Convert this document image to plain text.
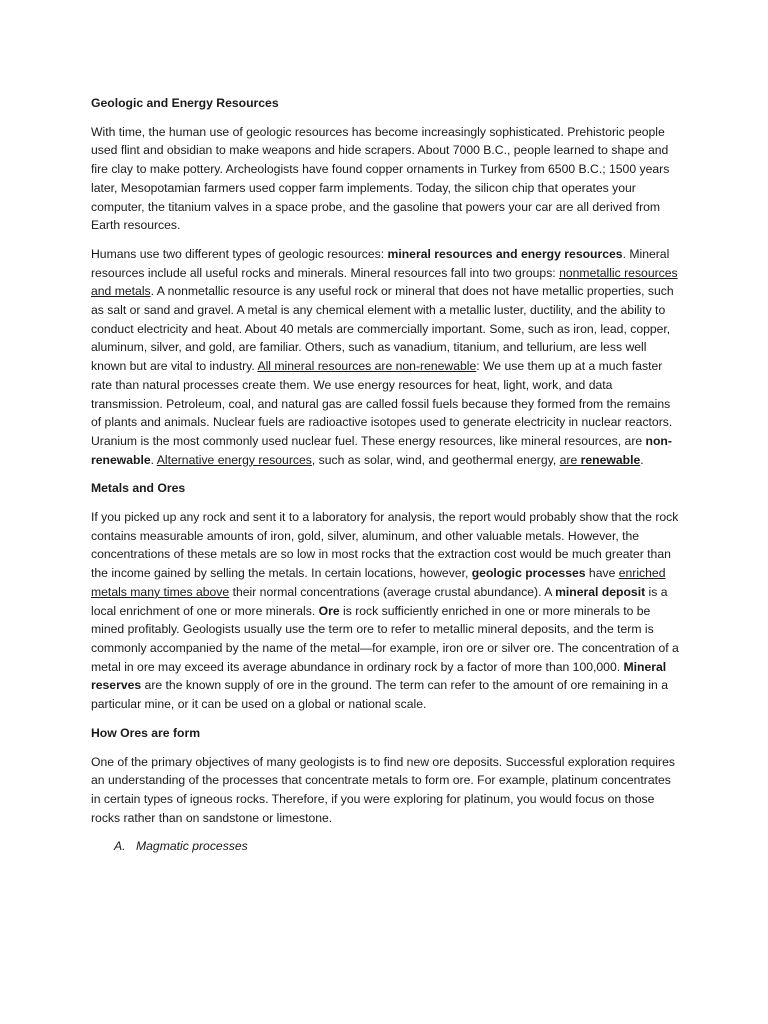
Geologic and Energy Resources

With time, the human use of geologic resources has become increasingly sophisticated. Prehistoric people used flint and obsidian to make weapons and hide scrapers. About 7000 B.C., people learned to shape and fire clay to make pottery. Archeologists have found copper ornaments in Turkey from 6500 B.C.; 1500 years later, Mesopotamian farmers used copper farm implements. Today, the silicon chip that operates your computer, the titanium valves in a space probe, and the gasoline that powers your car are all derived from Earth resources.

Humans use two different types of geologic resources: mineral resources and energy resources. Mineral resources include all useful rocks and minerals. Mineral resources fall into two groups: nonmetallic resources and metals. A nonmetallic resource is any useful rock or mineral that does not have metallic properties, such as salt or sand and gravel. A metal is any chemical element with a metallic luster, ductility, and the ability to conduct electricity and heat. About 40 metals are commercially important. Some, such as iron, lead, copper, aluminum, silver, and gold, are familiar. Others, such as vanadium, titanium, and tellurium, are less well known but are vital to industry. All mineral resources are non-renewable: We use them up at a much faster rate than natural processes create them. We use energy resources for heat, light, work, and data transmission. Petroleum, coal, and natural gas are called fossil fuels because they formed from the remains of plants and animals. Nuclear fuels are radioactive isotopes used to generate electricity in nuclear reactors. Uranium is the most commonly used nuclear fuel. These energy resources, like mineral resources, are non-renewable. Alternative energy resources, such as solar, wind, and geothermal energy, are renewable.

Metals and Ores

If you picked up any rock and sent it to a laboratory for analysis, the report would probably show that the rock contains measurable amounts of iron, gold, silver, aluminum, and other valuable metals. However, the concentrations of these metals are so low in most rocks that the extraction cost would be much greater than the income gained by selling the metals. In certain locations, however, geologic processes have enriched metals many times above their normal concentrations (average crustal abundance). A mineral deposit is a local enrichment of one or more minerals. Ore is rock sufficiently enriched in one or more minerals to be mined profitably. Geologists usually use the term ore to refer to metallic mineral deposits, and the term is commonly accompanied by the name of the metal—for example, iron ore or silver ore. The concentration of a metal in ore may exceed its average abundance in ordinary rock by a factor of more than 100,000. Mineral reserves are the known supply of ore in the ground. The term can refer to the amount of ore remaining in a particular mine, or it can be used on a global or national scale.

How Ores are form

One of the primary objectives of many geologists is to find new ore deposits. Successful exploration requires an understanding of the processes that concentrate metals to form ore. For example, platinum concentrates in certain types of igneous rocks. Therefore, if you were exploring for platinum, you would focus on those rocks rather than on sandstone or limestone.

A. Magmatic processes
